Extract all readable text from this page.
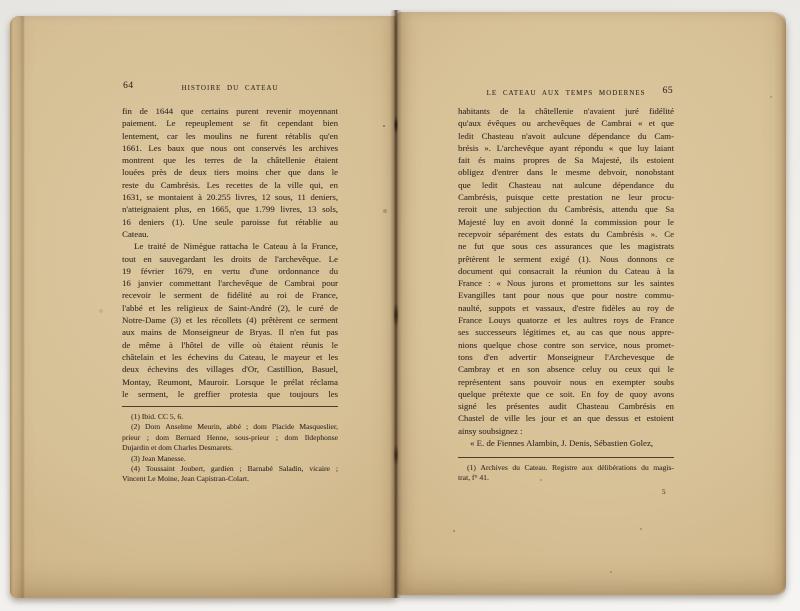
64	HISTOIRE DU CATEAU
fin de 1644 que certains purent revenir moyennant
paiement. Le repeuplement se fit cependant bien
lentement, car les moulins ne furent rétablis qu'en
1661. Les baux que nous ont conservés les archives
montrent que les terres de la châtellenie étaient
louées près de deux tiers moins cher que dans le
reste du Cambrésis. Les recettes de la ville qui, en
1631, se montaient à 20.255 livres, 12 sous, 11 deniers,
n'atteignaient plus, en 1665, que 1.799 livres, 13 sols,
16 deniers (1). Une seule paroisse fut rétablie au
Cateau.
Le traité de Nimègue rattacha le Cateau à la France,
tout en sauvegardant les droits de l'archevêque. Le
19 février 1679, en vertu d'une ordonnance du
16 janvier commettant l'archevêque de Cambrai pour
recevoir le serment de fidélité au roi de France,
l'abbé et les religieux de Saint-André (2), le curé de
Notre-Dame (3) et les récollets (4) prêtèrent ce serment
aux mains de Monseigneur de Bryas. Il n'en fut pas
de même à l'hôtel de ville où étaient réunis le
châtelain et les échevins du Cateau, le mayeur et les
deux échevins des villages d'Or, Castillion, Basuel,
Montay, Reumont, Mauroir. Lorsque le prélat réclama
le serment, le greffier protesta que toujours les
(1) Ibid. CC 5, 6.
(2) Dom Anselme Meurin, abbé ; dom Placide Masqueslier,
prieur ; dom Bernard Henne, sous-prieur ; dom Ildephonse
Dujardin et dom Charles Desmarets.
(3) Jean Manesse.
(4) Toussaint Joubert, gardien ; Barnabé Saladin, vicaire ;
Vincent Le Moine, Jean Capistran-Colart.
LE CATEAU AUX TEMPS MODERNES	65
habitants de la châtellenie n'avaient juré fidélité
qu'aux évêques ou archevêques de Cambrai « et que
ledit Chasteau n'avoit aulcune dépendance du Cam-
brésis ». L'archevêque ayant répondu « que luy laiant
fait és mains propres de Sa Majesté, ils estoient
obligez d'entrer dans le mesme debvoir, nonobstant
que ledit Chasteau nat aulcune dépendance du
Cambrésis, puisque cette prestation ne leur procu-
reroit une subjection du Cambrésis, attendu que Sa
Majesté luy en avoit donné la commission pour le
recepvoir séparément des estats du Cambrésis ». Ce
ne fut que sous ces assurances que les magistrats
prêtèrent le serment exigé (1). Nous donnons ce
document qui consacrait la réunion du Cateau à la
France : « Nous jurons et promettons sur les saintes
Evangilles tant pour nous que pour nostre commu-
naulté, suppots et vassaux, d'estre fidèles au roy de
France Louys quatorze et les aultres roys de France
ses successeurs légitimes et, au cas que nous appre-
nions quelque chose contre son service, nous promet-
tons d'en advertir Monseigneur l'Archevesque de
Cambray et en son absence celuy ou ceux qui le
représentent sans pouvoir nous en exempter soubs
quelque prétexte que ce soit. En foy de quoy avons
signé les présentes audit Chasteau Cambrésis en
Chastel de ville les jour et an que dessus et estoient
ainsy soubsignez :
« E. de Fiennes Alambin, J. Denis, Sébastien Golez,
(1) Archives du Cateau. Registre aux délibérations du magis-
trat, f° 41.
5
